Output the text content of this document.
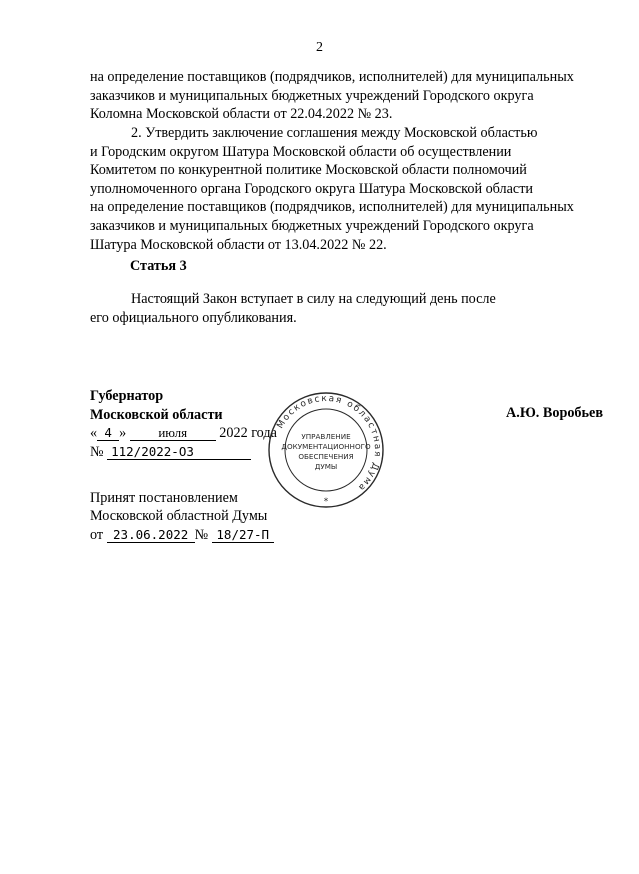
2
на определение поставщиков (подрядчиков, исполнителей) для муниципальных
заказчиков и муниципальных бюджетных учреждений Городского округа
Коломна Московской области от 22.04.2022 № 23.
2. Утвердить заключение соглашения между Московской областью
и Городским округом Шатура Московской области об осуществлении
Комитетом по конкурентной политике Московской области полномочий
уполномоченного органа Городского округа Шатура Московской области
на определение поставщиков (подрядчиков, исполнителей) для муниципальных
заказчиков и муниципальных бюджетных учреждений Городского округа
Шатура Московской области от 13.04.2022 № 22.
Статья 3
Настоящий Закон вступает в силу на следующий день после
его официального опубликования.
Губернатор
Московской области	А.Ю. Воробьев
« 4 » июля 2022 года
№ 112/2022-ОЗ
Принят постановлением
Московской областной Думы
от 23.06.2022 № 18/27-П
Московская областная Дума
УПРАВЛЕНИЕ
ДОКУМЕНТАЦИОННОГО
ОБЕСПЕЧЕНИЯ
ДУМЫ
*
